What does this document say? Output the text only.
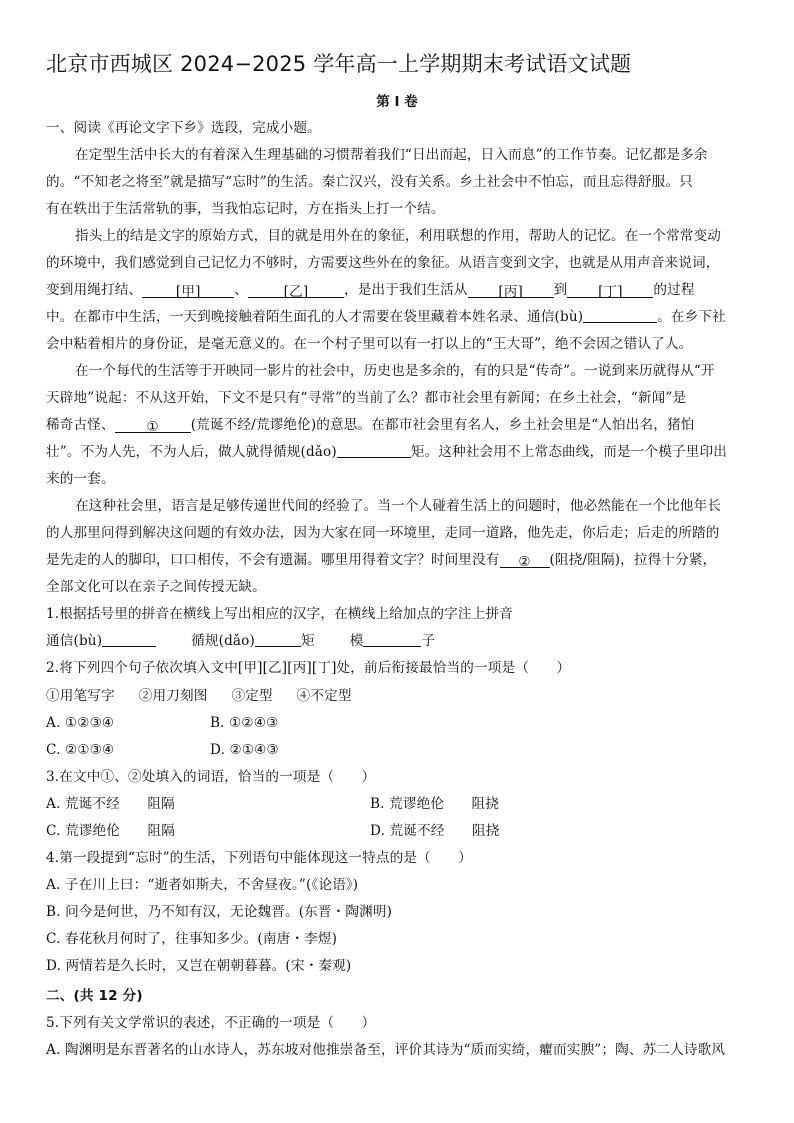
北京市西城区 2024−2025 学年高一上学期期末考试语文试题
第 I 卷
一、阅读《再论文字下乡》选段，完成小题。
在定型生活中长大的有着深入生理基础的习惯帮着我们“日出而起，日入而息”的工作节奏。记忆都是多余
的。“不知老之将至”就是描写“忘时”的生活。秦亡汉兴，没有关系。乡土社会中不怕忘，而且忘得舒服。只
有在轶出于生活常轨的事，当我怕忘记时，方在指头上打一个结。
指头上的结是文字的原始方式，目的就是用外在的象征，利用联想的作用，帮助人的记忆。在一个常常变动
的环境中，我们感觉到自己记忆力不够时，方需要这些外在的象征。从语言变到文字，也就是从用声音来说词，
变到用绳打结、 [甲] 、	[乙]	，是出于我们生活从 [丙] 到 [丁] 的过程
中。在都市中生活，一天到晚接触着陌生面孔的人才需要在袋里藏着本姓名录、通信(bù)	。在乡下社
会中粘着相片的身份证，是毫无意义的。在一个村子里可以有一打以上的“王大哥”，绝不会因之错认了人。
在一个每代的生活等于开映同一影片的社会中，历史也是多余的，有的只是“传奇”。一说到来历就得从“开
天辟地”说起：不从这开始，下文不是只有“寻常”的当前了么？都市社会里有新闻；在乡土社会，“新闻”是
稀奇古怪、 ① (荒诞不经/荒谬绝伦)的意思。在都市社会里有名人，乡土社会里是“人怕出名，猪怕
壮”。不为人先，不为人后，做人就得循规(dǎo)	矩。这种社会用不上常态曲线，而是一个模子里印出
来的一套。
在这种社会里，语言是足够传递世代间的经验了。当一个人碰着生活上的问题时，他必然能在一个比他年长
的人那里问得到解决这问题的有效办法，因为大家在同一环境里，走同一道路，他先走，你后走；后走的所踏的
是先走的人的脚印，口口相传，不会有遗漏。哪里用得着文字？时间里没有 ② (阻挠/阻隔)，拉得十分紧，
全部文化可以在亲子之间传授无缺。
1.根据括号里的拼音在横线上写出相应的汉字，在横线上给加点的字注上拼音
通信(bù)	循规(dǎo)	矩	模	子
2.将下列四个句子依次填入文中[甲][乙][丙][丁]处，前后衔接最恰当的一项是（　　）
①用笔写字 ②用刀刻图 ③定型 ④不定型
A. ①②③④	B. ①②④③
C. ②①③④	D. ②①④③
3.在文中①、②处填入的词语，恰当的一项是（　　）
A. 荒诞不经　　阻隔	B. 荒谬绝伦　　阻挠
C. 荒谬绝伦　　阻隔	D. 荒诞不经　　阻挠
4.第一段提到“忘时”的生活，下列语句中能体现这一特点的是（　　）
A. 子在川上曰：“逝者如斯夫，不舍昼夜。”(《论语》)
B. 问今是何世，乃不知有汉，无论魏晋。(东晋・陶渊明)
C. 春花秋月何时了，往事知多少。(南唐・李煜)
D. 两情若是久长时，又岂在朝朝暮暮。(宋・秦观)
二、(共 12 分)
5.下列有关文学常识的表述，不正确的一项是（　　）
A. 陶渊明是东晋著名的山水诗人，苏东坡对他推崇备至，评价其诗为“质而实绮，癯而实腴”；陶、苏二人诗歌风
